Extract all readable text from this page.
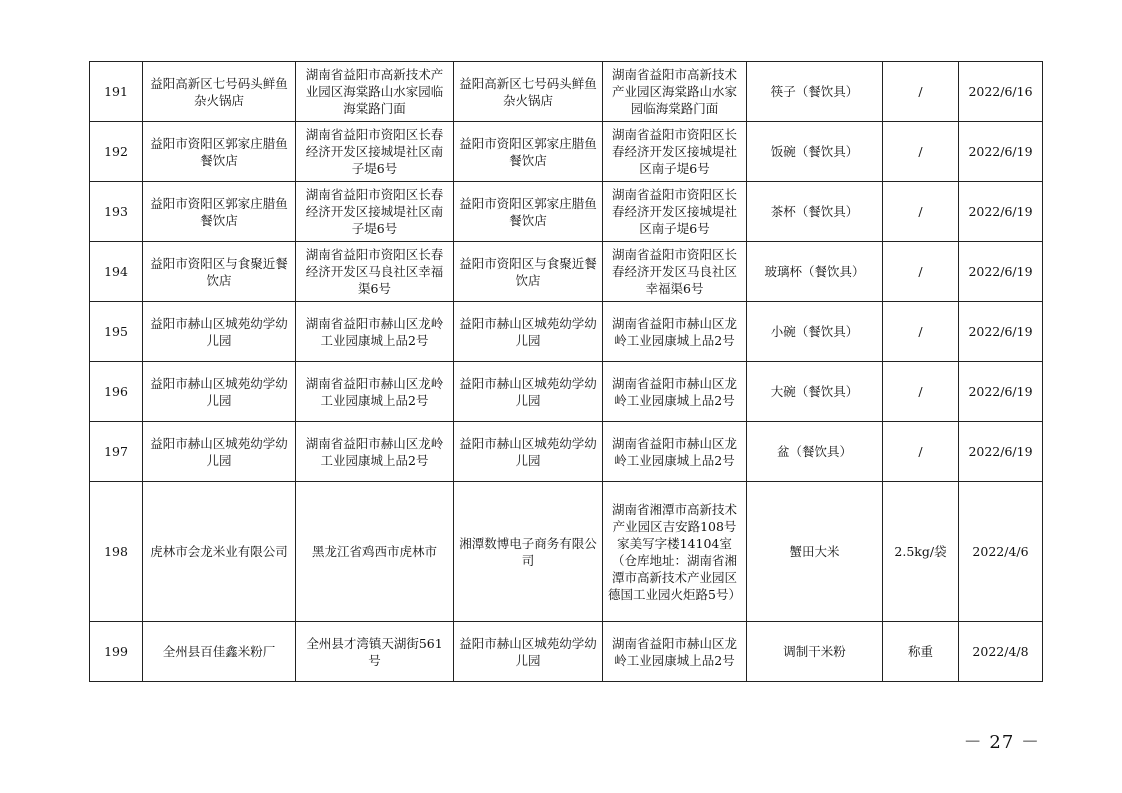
191	益阳高新区七号码头鲜鱼杂火锅店	湖南省益阳市高新技术产业园区海棠路山水家园临海棠路门面	益阳高新区七号码头鲜鱼杂火锅店	湖南省益阳市高新技术产业园区海棠路山水家园临海棠路门面	筷子（餐饮具）	/	2022/6/16
192	益阳市资阳区郭家庄腊鱼餐饮店	湖南省益阳市资阳区长春经济开发区接城堤社区南子堤6号	益阳市资阳区郭家庄腊鱼餐饮店	湖南省益阳市资阳区长春经济开发区接城堤社区南子堤6号	饭碗（餐饮具）	/	2022/6/19
193	益阳市资阳区郭家庄腊鱼餐饮店	湖南省益阳市资阳区长春经济开发区接城堤社区南子堤6号	益阳市资阳区郭家庄腊鱼餐饮店	湖南省益阳市资阳区长春经济开发区接城堤社区南子堤6号	茶杯（餐饮具）	/	2022/6/19
194	益阳市资阳区与食聚近餐饮店	湖南省益阳市资阳区长春经济开发区马良社区幸福渠6号	益阳市资阳区与食聚近餐饮店	湖南省益阳市资阳区长春经济开发区马良社区幸福渠6号	玻璃杯（餐饮具）	/	2022/6/19
195	益阳市赫山区城苑幼学幼儿园	湖南省益阳市赫山区龙岭工业园康城上品2号	益阳市赫山区城苑幼学幼儿园	湖南省益阳市赫山区龙岭工业园康城上品2号	小碗（餐饮具）	/	2022/6/19
196	益阳市赫山区城苑幼学幼儿园	湖南省益阳市赫山区龙岭工业园康城上品2号	益阳市赫山区城苑幼学幼儿园	湖南省益阳市赫山区龙岭工业园康城上品2号	大碗（餐饮具）	/	2022/6/19
197	益阳市赫山区城苑幼学幼儿园	湖南省益阳市赫山区龙岭工业园康城上品2号	益阳市赫山区城苑幼学幼儿园	湖南省益阳市赫山区龙岭工业园康城上品2号	盆（餐饮具）	/	2022/6/19
198	虎林市会龙米业有限公司	黑龙江省鸡西市虎林市	湘潭数博电子商务有限公司	湖南省湘潭市高新技术产业园区吉安路108号家美写字楼14104室（仓库地址：湖南省湘潭市高新技术产业园区德国工业园火炬路5号）	蟹田大米	2.5kg/袋	2022/4/6
199	全州县百佳鑫米粉厂	全州县才湾镇天湖街561号	益阳市赫山区城苑幼学幼儿园	湖南省益阳市赫山区龙岭工业园康城上品2号	调制干米粉	称重	2022/4/8
－ 27 －
